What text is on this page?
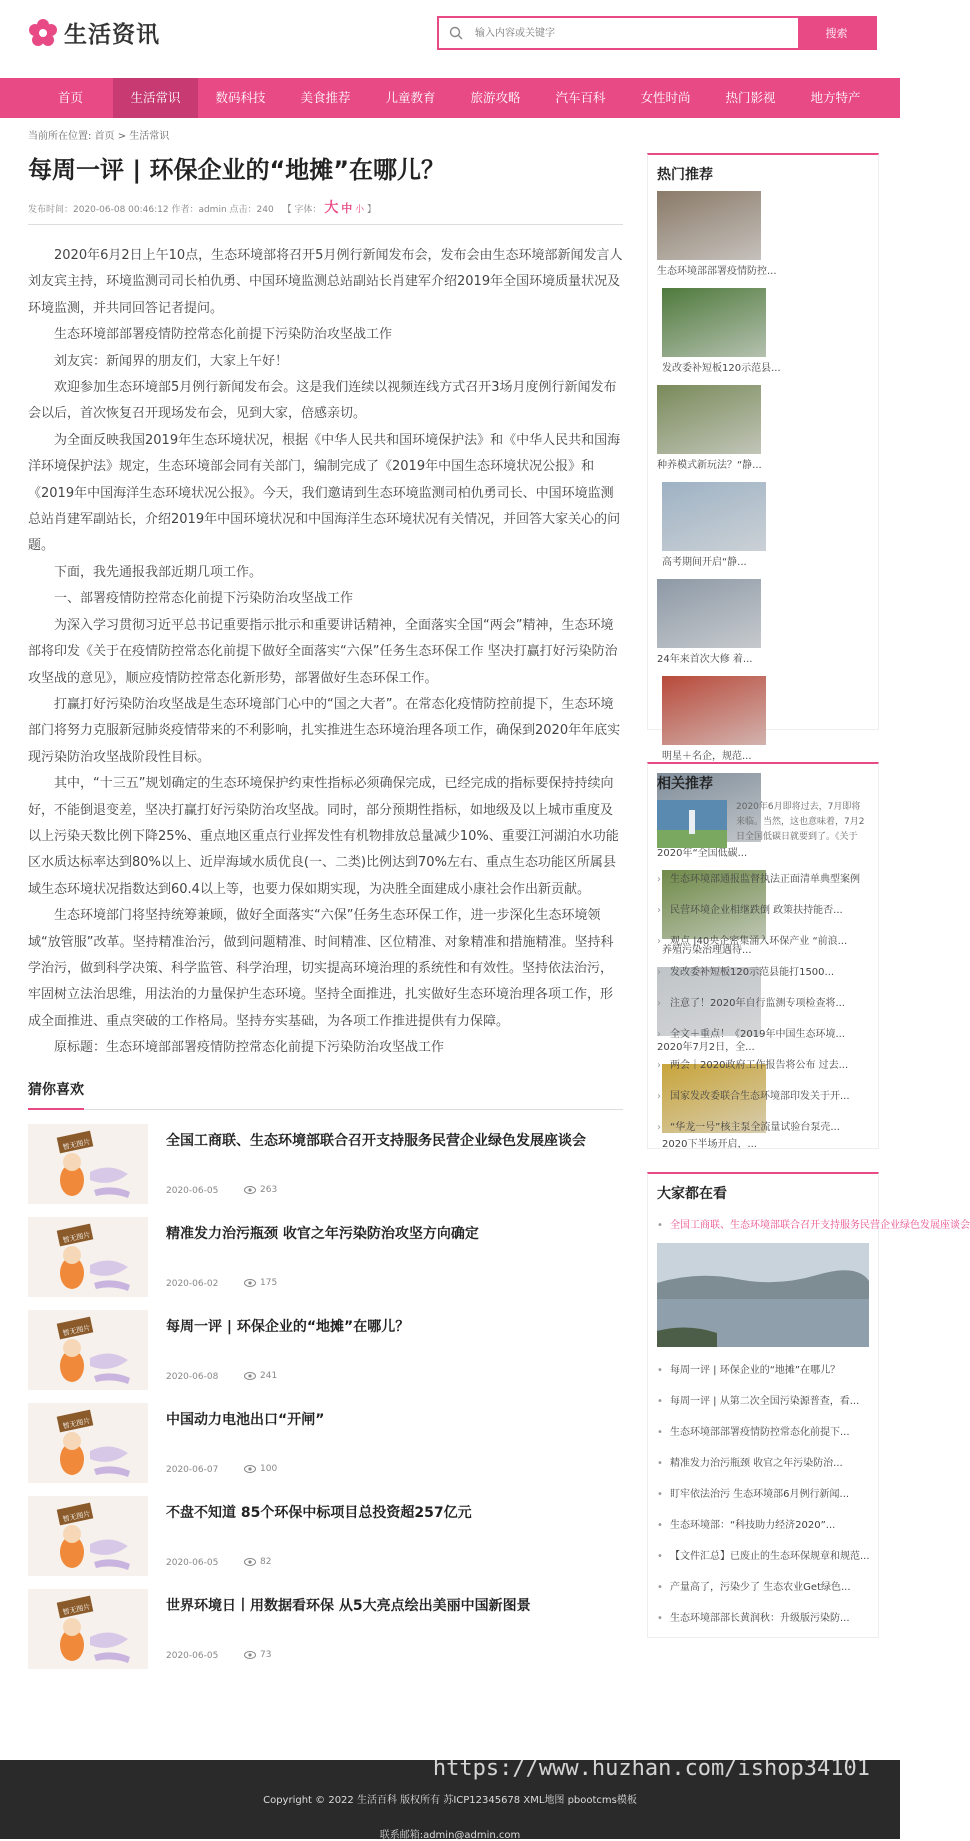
生活资讯
输入内容或关键字	搜索
首页	生活常识	数码科技	美食推荐	儿童教育	旅游攻略	汽车百科	女性时尚	热门影视	地方特产
当前所在位置: 首页 > 生活常识
每周一评 | 环保企业的“地摊”在哪儿？
发布时间：2020-06-08 00:46:12 作者：admin 点击：240 【 字体： 大 中 小 】

2020年6月2日上午10点，生态环境部将召开5月例行新闻发布会，发布会由生态环境部新闻发言人刘友宾主持，环境监测司司长柏仇勇、中国环境监测总站副站长肖建军介绍2019年全国环境质量状况及环境监测，并共同回答记者提问。

生态环境部部署疫情防控常态化前提下污染防治攻坚战工作

刘友宾：新闻界的朋友们，大家上午好！

欢迎参加生态环境部5月例行新闻发布会。这是我们连续以视频连线方式召开3场月度例行新闻发布会以后，首次恢复召开现场发布会，见到大家，倍感亲切。

为全面反映我国2019年生态环境状况，根据《中华人民共和国环境保护法》和《中华人民共和国海洋环境保护法》规定，生态环境部会同有关部门，编制完成了《2019年中国生态环境状况公报》和《2019年中国海洋生态环境状况公报》。今天，我们邀请到生态环境监测司柏仇勇司长、中国环境监测总站肖建军副站长，介绍2019年中国环境状况和中国海洋生态环境状况有关情况，并回答大家关心的问题。

下面，我先通报我部近期几项工作。

一、部署疫情防控常态化前提下污染防治攻坚战工作

为深入学习贯彻习近平总书记重要指示批示和重要讲话精神，全面落实全国“两会”精神，生态环境部将印发《关于在疫情防控常态化前提下做好全面落实“六保”任务生态环保工作 坚决打赢打好污染防治攻坚战的意见》，顺应疫情防控常态化新形势，部署做好生态环保工作。

打赢打好污染防治攻坚战是生态环境部门心中的“国之大者”。在常态化疫情防控前提下，生态环境部门将努力克服新冠肺炎疫情带来的不利影响，扎实推进生态环境治理各项工作，确保到2020年年底实现污染防治攻坚战阶段性目标。

其中，“十三五”规划确定的生态环境保护约束性指标必须确保完成，已经完成的指标要保持持续向好，不能倒退变差，坚决打赢打好污染防治攻坚战。同时，部分预期性指标，如地级及以上城市重度及以上污染天数比例下降25%、重点地区重点行业挥发性有机物排放总量减少10%、重要江河湖泊水功能区水质达标率达到80%以上、近岸海域水质优良(一、二类)比例达到70%左右、重点生态功能区所属县域生态环境状况指数达到60.4以上等，也要力保如期实现，为决胜全面建成小康社会作出新贡献。

生态环境部门将坚持统筹兼顾，做好全面落实“六保”任务生态环保工作，进一步深化生态环境领域“放管服”改革。坚持精准治污，做到问题精准、时间精准、区位精准、对象精准和措施精准。坚持科学治污，做到科学决策、科学监管、科学治理，切实提高环境治理的系统性和有效性。坚持依法治污，牢固树立法治思维，用法治的力量保护生态环境。坚持全面推进，扎实做好生态环境治理各项工作，形成全面推进、重点突破的工作格局。坚持夯实基础，为各项工作推进提供有力保障。

原标题：生态环境部部署疫情防控常态化前提下污染防治攻坚战工作

猜你喜欢
暂无图片	全国工商联、生态环境部联合召开支持服务民营企业绿色发展座谈会
2020-06-05	263
暂无图片	精准发力治污瓶颈 收官之年污染防治攻坚方向确定
2020-06-02	175
暂无图片	每周一评 | 环保企业的“地摊”在哪儿？
2020-06-08	241
暂无图片	中国动力电池出口“开闸”
2020-06-07	100
暂无图片	不盘不知道 85个环保中标项目总投资超257亿元
2020-06-05	82
暂无图片	世界环境日丨用数据看环保 从5大亮点绘出美丽中国新图景
2020-06-05	73
热门推荐
生态环境部部署疫情防控...
发改委补短板120示范县...
种养模式新玩法？“静...
高考期间开启“静...
24年来首次大修 着...
明星＋名企，规范...
2020年“全国低碳...
养殖污染治理遇待...
2020年7月2日，全...
2020下半场开启，...
相关推荐
2020年6月即将过去，7月即将来临。当然，这也意味着，7月2日全国低碳日就要到了。《关于
› 生态环境部通报监督执法正面清单典型案例
› 民营环境企业相继跌倒 政策扶持能否...
› 观点 |40央企密集涌入环保产业 “前浪...
› 发改委补短板120示范县能打1500...
› 注意了！2020年自行监测专项检查将...
› 全文＋重点！《2019年中国生态环境...
› 两会｜2020政府工作报告将公布 过去...
› 国家发改委联合生态环境部印发关于开...
› “华龙一号”核主泵全流量试验台泵壳...
大家都在看
• 全国工商联、生态环境部联合召开支持服务民营企业绿色发展座谈会
• 每周一评 | 环保企业的“地摊”在哪儿？
• 每周一评 | 从第二次全国污染源普查，看...
• 生态环境部部署疫情防控常态化前提下...
• 精准发力治污瓶颈 收官之年污染防治...
• 盯牢依法治污 生态环境部6月例行新闻...
• 生态环境部：“科技助力经济2020”...
• 【文件汇总】已废止的生态环保规章和规范...
• 产量高了，污染少了 生态农业Get绿色...
• 生态环境部部长黄润秋：升级版污染防...
Copyright © 2022 生活百科 版权所有 苏ICP12345678 XML地图 pbootcms模板
联系邮箱:admin@admin.com
https://www.huzhan.com/ishop34101
